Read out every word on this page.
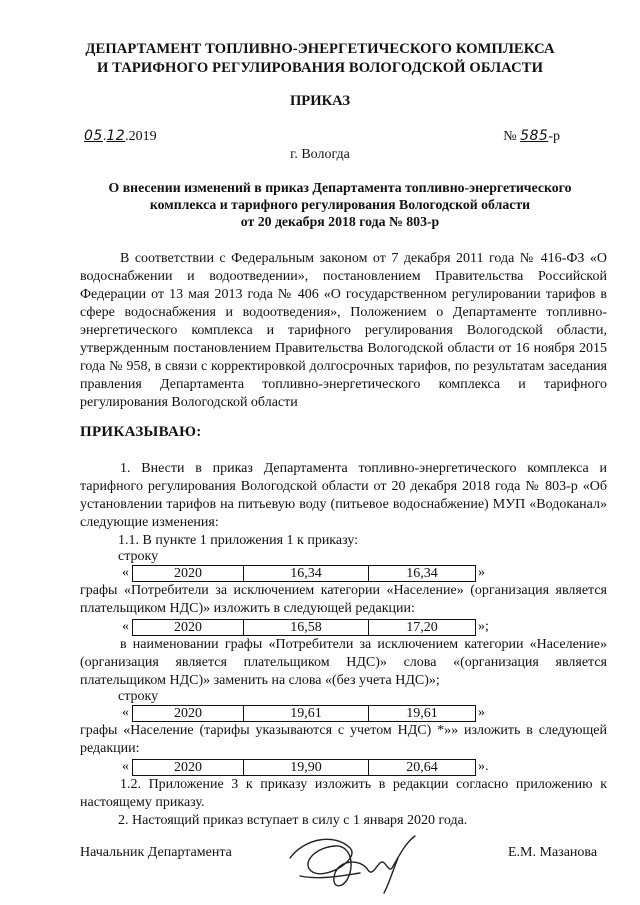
ДЕПАРТАМЕНТ ТОПЛИВНО-ЭНЕРГЕТИЧЕСКОГО КОМПЛЕКСА
И ТАРИФНОГО РЕГУЛИРОВАНИЯ ВОЛОГОДСКОЙ ОБЛАСТИ
ПРИКАЗ
05.12.2019	№ 585-р
г. Вологда
О внесении изменений в приказ Департамента топливно-энергетического
комплекса и тарифного регулирования Вологодской области
от 20 декабря 2018 года № 803-р
В соответствии с Федеральным законом от 7 декабря 2011 года № 416-ФЗ «О водоснабжении и водоотведении», постановлением Правительства Российской Федерации от 13 мая 2013 года № 406 «О государственном регулировании тарифов в сфере водоснабжения и водоотведения», Положением о Департаменте топливно-энергетического комплекса и тарифного регулирования Вологодской области, утвержденным постановлением Правительства Вологодской области от 16 ноября 2015 года № 958, в связи с корректировкой долгосрочных тарифов, по результатам заседания правления Департамента топливно-энергетического комплекса и тарифного регулирования Вологодской области
ПРИКАЗЫВАЮ:
1. Внести в приказ Департамента топливно-энергетического комплекса и тарифного регулирования Вологодской области от 20 декабря 2018 года № 803-р «Об установлении тарифов на питьевую воду (питьевое водоснабжение) МУП «Водоканал» следующие изменения:
1.1. В пункте 1 приложения 1 к приказу:
строку
«	2020	16,34	16,34	»
графы «Потребители за исключением категории «Население» (организация является плательщиком НДС)» изложить в следующей редакции:
«	2020	16,58	17,20	»;
в наименовании графы «Потребители за исключением категории «Население» (организация является плательщиком НДС)» слова «(организация является плательщиком НДС)» заменить на слова «(без учета НДС)»;
строку
«	2020	19,61	19,61	»
графы «Население (тарифы указываются с учетом НДС) *»» изложить в следующей редакции:
«	2020	19,90	20,64	».
1.2. Приложение 3 к приказу изложить в редакции согласно приложению к настоящему приказу.
2. Настоящий приказ вступает в силу с 1 января 2020 года.
Начальник Департамента	Е.М. Мазанова
